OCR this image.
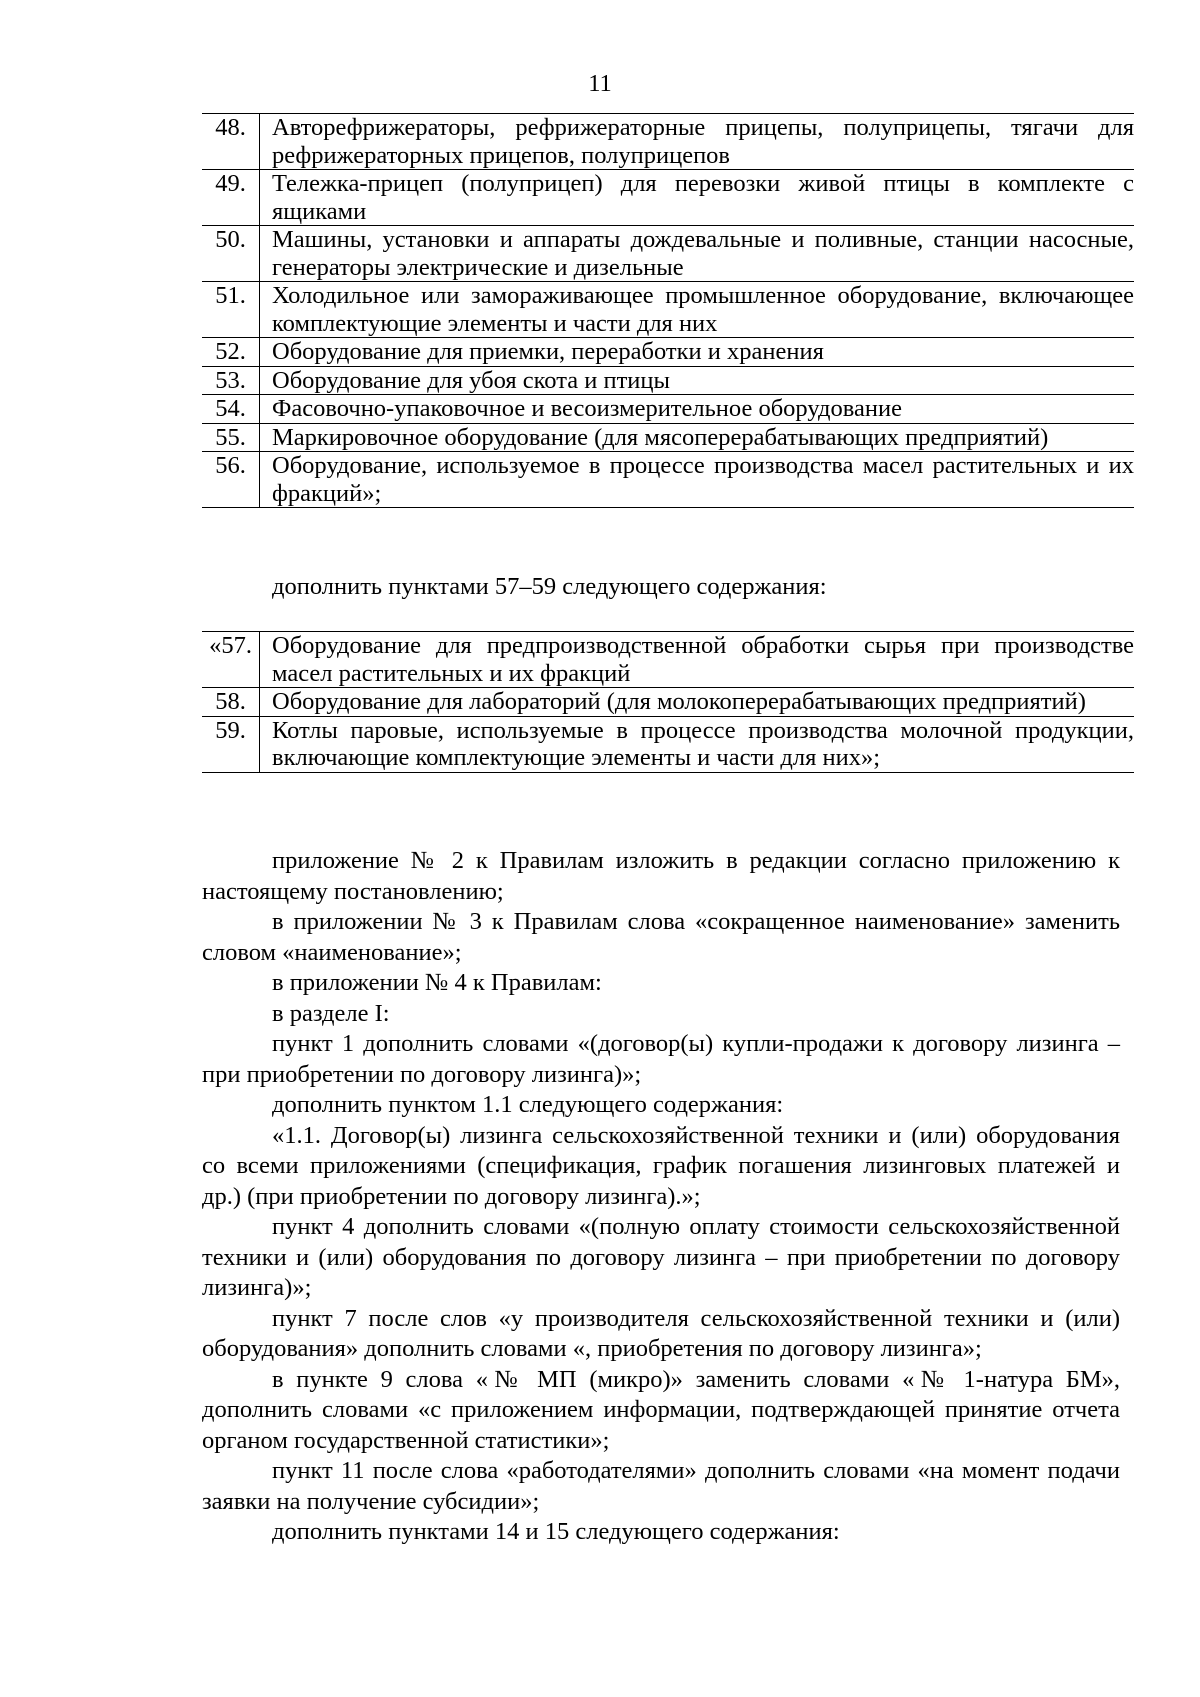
11
48.	Авторефрижераторы, рефрижераторные прицепы, полуприцепы, тягачи для рефрижераторных прицепов, полуприцепов
49.	Тележка-прицеп (полуприцеп) для перевозки живой птицы в комплекте с ящиками
50.	Машины, установки и аппараты дождевальные и поливные, станции насосные, генераторы электрические и дизельные
51.	Холодильное или замораживающее промышленное оборудование, включающее комплектующие элементы и части для них
52.	Оборудование для приемки, переработки и хранения
53.	Оборудование для убоя скота и птицы
54.	Фасовочно-упаковочное и весоизмерительное оборудование
55.	Маркировочное оборудование (для мясоперерабатывающих предприятий)
56.	Оборудование, используемое в процессе производства масел растительных и их фракций»;

дополнить пунктами 57–59 следующего содержания:

«57.	Оборудование для предпроизводственной обработки сырья при производстве масел растительных и их фракций
58.	Оборудование для лабораторий (для молокоперерабатывающих предприятий)
59.	Котлы паровые, используемые в процессе производства молочной продукции, включающие комплектующие элементы и части для них»;

приложение № 2 к Правилам изложить в редакции согласно приложению к настоящему постановлению;

в приложении № 3 к Правилам слова «сокращенное наименование» заменить словом «наименование»;

в приложении № 4 к Правилам:

в разделе I:

пункт 1 дополнить словами «(договор(ы) купли-продажи к договору лизинга – при приобретении по договору лизинга)»;

дополнить пунктом 1.1 следующего содержания:

«1.1. Договор(ы) лизинга сельскохозяйственной техники и (или) оборудования со всеми приложениями (спецификация, график погашения лизинговых платежей и др.) (при приобретении по договору лизинга).»;

пункт 4 дополнить словами «(полную оплату стоимости сельскохозяйственной техники и (или) оборудования по договору лизинга – при приобретении по договору лизинга)»;

пункт 7 после слов «у производителя сельскохозяйственной техники и (или) оборудования» дополнить словами «, приобретения по договору лизинга»;

в пункте 9 слова «№ МП (микро)» заменить словами «№ 1-натура БМ», дополнить словами «с приложением информации, подтверждающей принятие отчета органом государственной статистики»;

пункт 11 после слова «работодателями» дополнить словами «на момент подачи заявки на получение субсидии»;

дополнить пунктами 14 и 15 следующего содержания:
